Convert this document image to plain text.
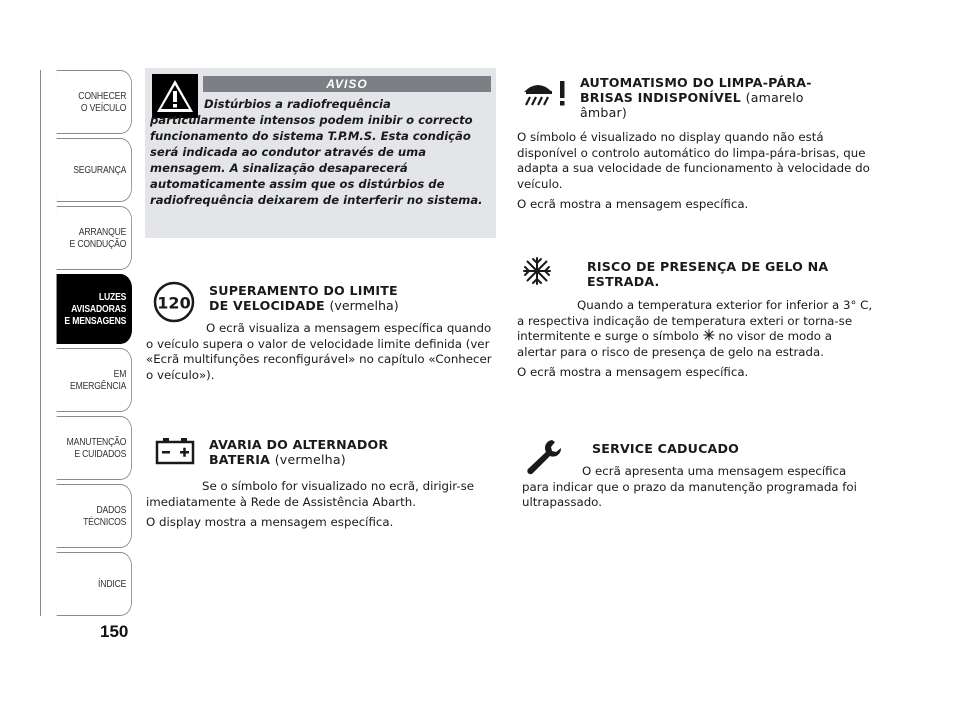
CONHECER
O VEÍCULO
SEGURANÇA
ARRANQUE
E CONDUÇÃO
LUZES
AVISADORAS
E MENSAGENS
EM EMERGÊNCIA
MANUTENÇÃO
E CUIDADOS
DADOS
TÉCNICOS
ÍNDICE
150
AVISO
Distúrbios a radiofrequência particularmente intensos podem inibir o correcto funcionamento do sistema T.P.M.S. Esta condição será indicada ao condutor através de uma mensagem. A sinalização desaparecerá automaticamente assim que os distúrbios de radiofrequência deixarem de interferir no sistema.
120
SUPERAMENTO DO LIMITE
DE VELOCIDADE (vermelha)

O ecrã visualiza a mensagem específica quando o veículo supera o valor de velocidade limite definida (ver «Ecrã multifunções reconfigurável» no capítulo «Conhecer o veículo»).

AVARIA DO ALTERNADOR
BATERIA (vermelha)

Se o símbolo for visualizado no ecrã, dirigir-se imediatamente à Rede de Assistência Abarth.

O display mostra a mensagem específica.

AUTOMATISMO DO LIMPA-PÁRA-
BRISAS INDISPONÍVEL (amarelo
âmbar)

O símbolo é visualizado no display quando não está disponível o controlo automático do limpa-pára-brisas, que adapta a sua velocidade de funcionamento à velocidade do veículo.

O ecrã mostra a mensagem específica.

RISCO DE PRESENÇA DE GELO NA
ESTRADA.

Quando a temperatura exterior for inferior a 3° C, a respectiva indicação de temperatura exteri or torna-se intermitente e surge o símbolo no visor de modo a alertar para o risco de presença de gelo na estrada.

O ecrã mostra a mensagem específica.

SERVICE CADUCADO

O ecrã apresenta uma mensagem específica para indicar que o prazo da manutenção programada foi ultrapassado.
